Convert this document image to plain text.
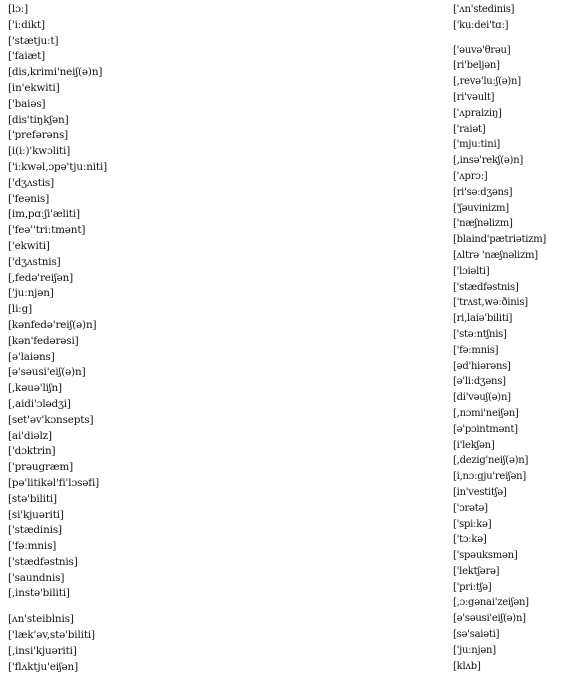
[lɔː]
['iːdikt]
['stætjuːt]
['faiæt]
[dis,krimi'neiʃ(ə)n]
[in'ekwiti]
['baiəs]
[dis'tiŋkʃən]
['prefərəns]
[i(iː)'kwɔliti]
['iːkwəl,ɔpə'tjuːniti]
['dʒʌstis]
['feənis]
[im,pɑːʃi'æliti]
['feə''triːtmənt]
['ekwiti]
['dʒʌstnis]
[,fedə'reiʃən]
['juːnjən]
[liːg]
[kənfedə'reiʃ(ə)n]
[kən'fedərəsi]
[ə'laiəns]
[ə'səusi'eiʃ(ə)n]
[,kəuə'liʃn]
[,aidi'ɔlədʒi]
[set'əv'kɔnsepts]
[ai'diəlz]
['dɔktrin]
['prəugræm]
[pə'litikəl'fi'lɔsəfi]
[stə'biliti]
[si'kjuəriti]
['stædinis]
['fəːmnis]
['stædfəstnis]
['saundnis]
[,instə'biliti]
[ʌn'steiblnis]
['læk'əv,stə'biliti]
[,insi'kjuəriti]
['flʌktju'eiʃən]
['ʌn'stedinis]
['kuːdei'tɑː]
['əuvə'θrəu]
[ri'beljən]
[,revə'luːʃ(ə)n]
[ri'vəult]
['ʌpraiziŋ]
['raiət]
['mjuːtini]
[,insə'rekʃ(ə)n]
['ʌprɔː]
[ri'səːdʒəns]
['ʃəuvinizm]
['næʃnəlizm]
[blaind'pætriətizm]
[ʌltrə 'næʃnəlizm]
['lɔiəlti]
['stædfəstnis]
['trʌst,wəːðinis]
[ri,laiə'biliti]
['stəːntʃnis]
['fəːmnis]
[əd'hiərəns]
[ə'liːdʒəns]
[di'vəuʃ(ə)n]
[,nɔmi'neiʃən]
[ə'pɔintmənt]
[i'lekʃən]
[,dezig'neiʃ(ə)n]
[i,nɔːgju'reiʃən]
[in'vestitʃə]
['ɔrətə]
['spiːkə]
['tɔːkə]
['spəuksmən]
['lektʃərə]
['priːtʃə]
[,ɔːgənai'zeiʃən]
[ə'səusi'eiʃ(ə)n]
[sə'saiəti]
['juːnjən]
[klʌb]
